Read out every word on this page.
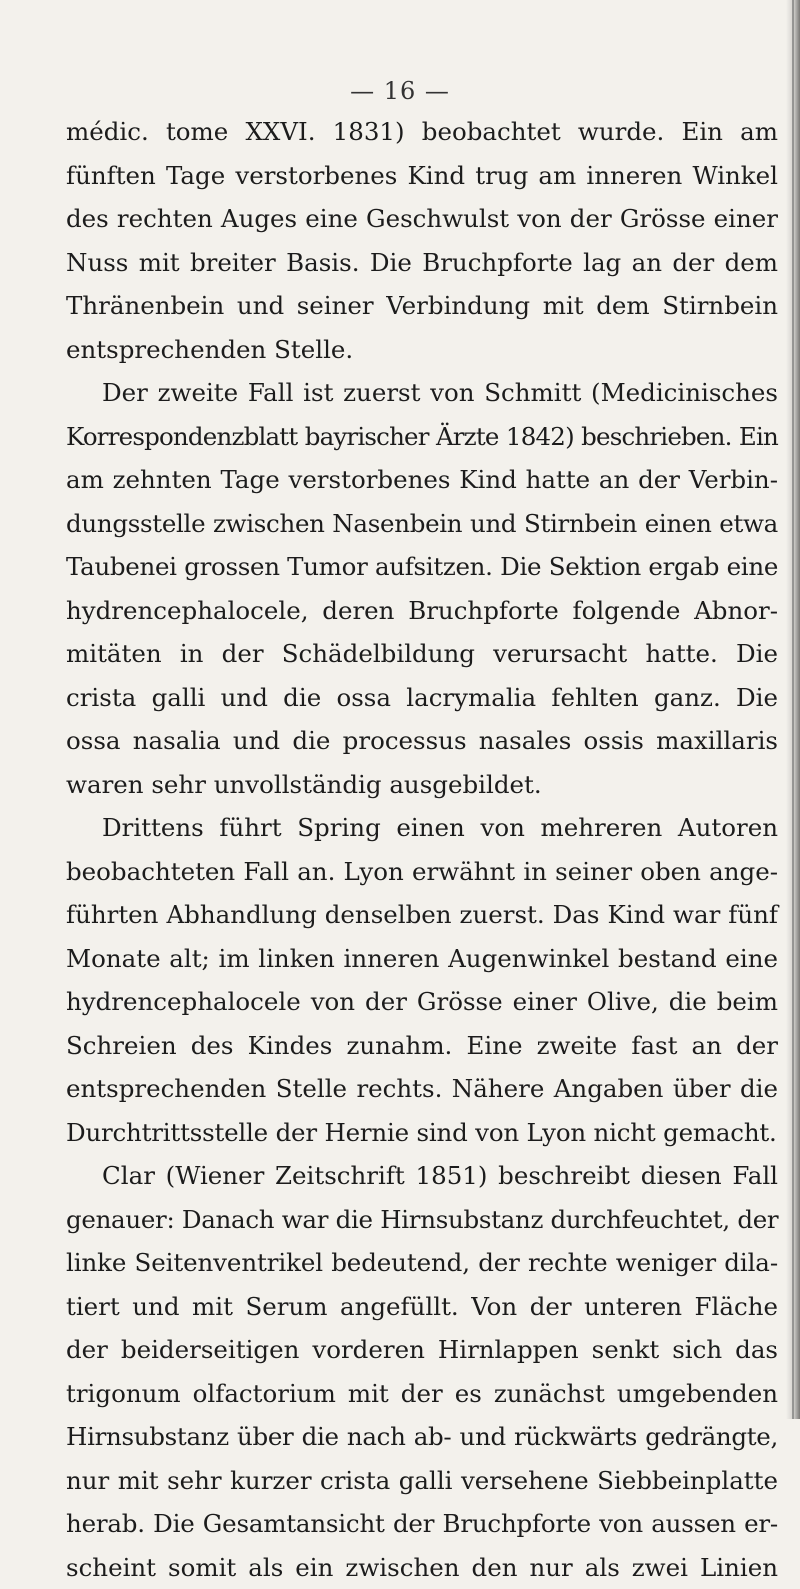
— 16 —
médic. tome XXVI. 1831) beobachtet wurde. Ein am
fünften Tage verstorbenes Kind trug am inneren Winkel
des rechten Auges eine Geschwulst von der Grösse einer
Nuss mit breiter Basis. Die Bruchpforte lag an der dem
Thränenbein und seiner Verbindung mit dem Stirnbein
entsprechenden Stelle.
Der zweite Fall ist zuerst von Schmitt (Medicinisches
Korrespondenzblatt bayrischer Ärzte 1842) beschrieben. Ein
am zehnten Tage verstorbenes Kind hatte an der Verbin-
dungsstelle zwischen Nasenbein und Stirnbein einen etwa
Taubenei grossen Tumor aufsitzen. Die Sektion ergab eine
hydrencephalocele, deren Bruchpforte folgende Abnor-
mitäten in der Schädelbildung verursacht hatte. Die
crista galli und die ossa lacrymalia fehlten ganz. Die
ossa nasalia und die processus nasales ossis maxillaris
waren sehr unvollständig ausgebildet.
Drittens führt Spring einen von mehreren Autoren
beobachteten Fall an. Lyon erwähnt in seiner oben ange-
führten Abhandlung denselben zuerst. Das Kind war fünf
Monate alt; im linken inneren Augenwinkel bestand eine
hydrencephalocele von der Grösse einer Olive, die beim
Schreien des Kindes zunahm. Eine zweite fast an der
entsprechenden Stelle rechts. Nähere Angaben über die
Durchtrittsstelle der Hernie sind von Lyon nicht gemacht.
Clar (Wiener Zeitschrift 1851) beschreibt diesen Fall
genauer: Danach war die Hirnsubstanz durchfeuchtet, der
linke Seitenventrikel bedeutend, der rechte weniger dila-
tiert und mit Serum angefüllt. Von der unteren Fläche
der beiderseitigen vorderen Hirnlappen senkt sich das
trigonum olfactorium mit der es zunächst umgebenden
Hirnsubstanz über die nach ab- und rückwärts gedrängte,
nur mit sehr kurzer crista galli versehene Siebbeinplatte
herab. Die Gesamtansicht der Bruchpforte von aussen er-
scheint somit als ein zwischen den nur als zwei Linien
